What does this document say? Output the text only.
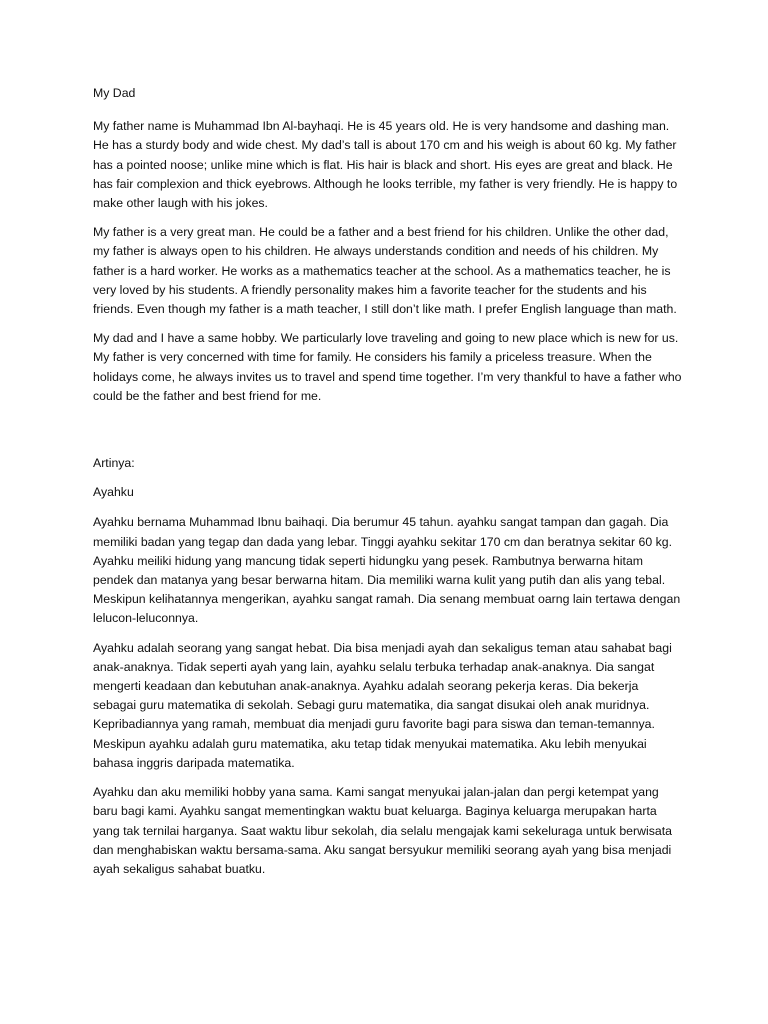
My Dad

My father name is Muhammad Ibn Al-bayhaqi. He is 45 years old. He is very handsome and dashing man. He has a sturdy body and wide chest. My dad’s tall is about 170 cm and his weigh is about 60 kg. My father has a pointed noose; unlike mine which is flat. His hair is black and short. His eyes are great and black. He has fair complexion and thick eyebrows. Although he looks terrible, my father is very friendly. He is happy to make other laugh with his jokes.

My father is a very great man. He could be a father and a best friend for his children. Unlike the other dad, my father is always open to his children. He always understands condition and needs of his children. My father is a hard worker. He works as a mathematics teacher at the school. As a mathematics teacher, he is very loved by his students. A friendly personality makes him a favorite teacher for the students and his friends. Even though my father is a math teacher, I still don’t like math. I prefer English language than math.

My dad and I have a same hobby. We particularly love traveling and going to new place which is new for us. My father is very concerned with time for family. He considers his family a priceless treasure. When the holidays come, he always invites us to travel and spend time together. I’m very thankful to have a father who could be the father and best friend for me.

Artinya:

Ayahku

Ayahku bernama Muhammad Ibnu baihaqi. Dia berumur 45 tahun. ayahku sangat tampan dan gagah. Dia memiliki badan yang tegap dan dada yang lebar. Tinggi ayahku sekitar 170 cm dan beratnya sekitar 60 kg. Ayahku meiliki hidung yang mancung tidak seperti hidungku yang pesek. Rambutnya berwarna hitam pendek dan matanya yang besar berwarna hitam. Dia memiliki warna kulit yang putih dan alis yang tebal. Meskipun kelihatannya mengerikan, ayahku sangat ramah. Dia senang membuat oarng lain tertawa dengan lelucon-leluconnya.

Ayahku adalah seorang yang sangat hebat. Dia bisa menjadi ayah dan sekaligus teman atau sahabat bagi anak-anaknya. Tidak seperti ayah yang lain, ayahku selalu terbuka terhadap anak-anaknya. Dia sangat mengerti keadaan dan kebutuhan anak-anaknya. Ayahku adalah seorang pekerja keras. Dia bekerja sebagai guru matematika di sekolah. Sebagi guru matematika, dia sangat disukai oleh anak muridnya. Kepribadiannya yang ramah, membuat dia menjadi guru favorite bagi para siswa dan teman-temannya. Meskipun ayahku adalah guru matematika, aku tetap tidak menyukai matematika. Aku lebih menyukai bahasa inggris daripada matematika.

Ayahku dan aku memiliki hobby yana sama. Kami sangat menyukai jalan-jalan dan pergi ketempat yang baru bagi kami. Ayahku sangat mementingkan waktu buat keluarga. Baginya keluarga merupakan harta yang tak ternilai harganya. Saat waktu libur sekolah, dia selalu mengajak kami sekeluraga untuk berwisata dan menghabiskan waktu bersama-sama. Aku sangat bersyukur memiliki seorang ayah yang bisa menjadi ayah sekaligus sahabat buatku.
